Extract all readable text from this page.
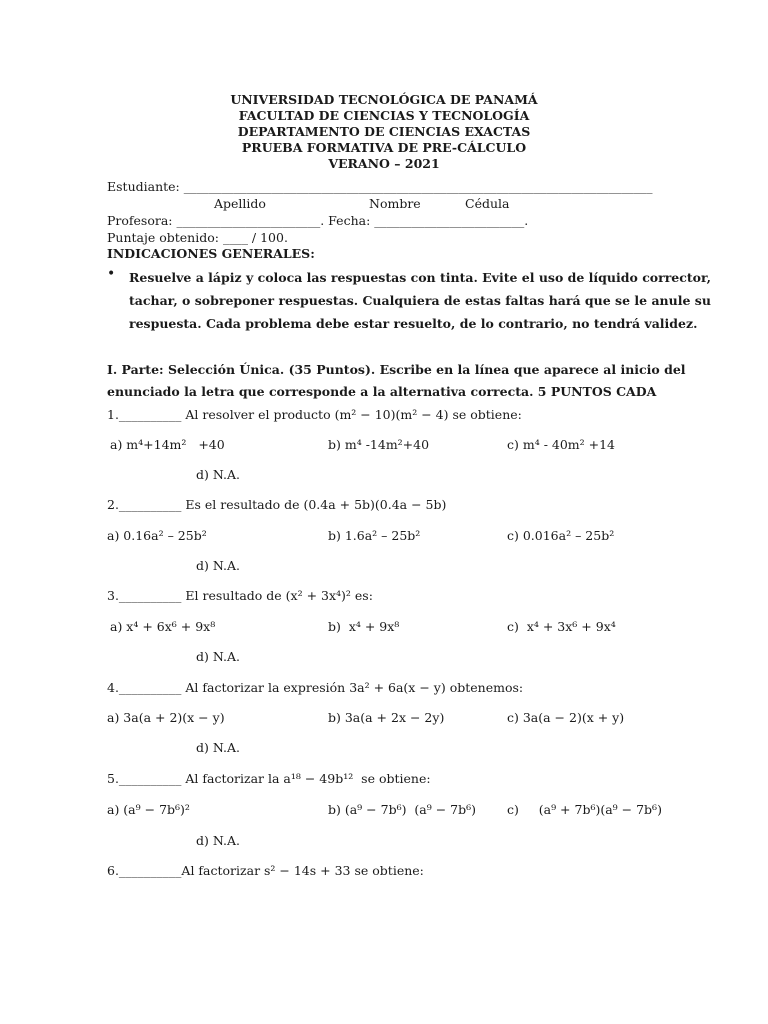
UNIVERSIDAD TECNOLÓGICA DE PANAMÁ
FACULTAD DE CIENCIAS Y TECNOLOGÍA
DEPARTAMENTO DE CIENCIAS EXACTAS
PRUEBA FORMATIVA DE PRE-CÁLCULO
VERANO – 2021
Estudiante: ___________________________________________________________________________
Apellido	Nombre	Cédula
Profesora: _______________________. Fecha: ________________________.
Puntaje obtenido: ____ / 100.
INDICACIONES GENERALES:
• Resuelve a lápiz y coloca las respuestas con tinta. Evite el uso de líquido corrector,
tachar, o sobreponer respuestas. Cualquiera de estas faltas hará que se le anule su
respuesta. Cada problema debe estar resuelto, de lo contrario, no tendrá validez.
I. Parte: Selección Única. (35 Puntos). Escribe en la línea que aparece al inicio del
enunciado la letra que corresponde a la alternativa correcta. 5 PUNTOS CADA
1.__________ Al resolver el producto (m² − 10)(m² − 4) se obtiene:
a) m⁴+14m²   +40	b) m⁴ -14m²+40	c) m⁴ - 40m² +14
d) N.A.
2.__________ Es el resultado de (0.4a + 5b)(0.4a − 5b)
a) 0.16a² – 25b²	b) 1.6a² – 25b²	c) 0.016a² – 25b²
d) N.A.
3.__________ El resultado de (x² + 3x⁴)² es:
a) x⁴ + 6x⁶ + 9x⁸	b)  x⁴ + 9x⁸	c)  x⁴ + 3x⁶ + 9x⁴
d) N.A.
4.__________ Al factorizar la expresión 3a² + 6a(x − y) obtenemos:
a) 3a(a + 2)(x − y)	b) 3a(a + 2x − 2y)	c) 3a(a − 2)(x + y)
d) N.A.
5.__________ Al factorizar la a¹⁸ − 49b¹²  se obtiene:
a) (a⁹ − 7b⁶)²	b) (a⁹ − 7b⁶)  (a⁹ − 7b⁶) c)     (a⁹ + 7b⁶)(a⁹ − 7b⁶)
d) N.A.
6.__________Al factorizar s² − 14s + 33 se obtiene:
